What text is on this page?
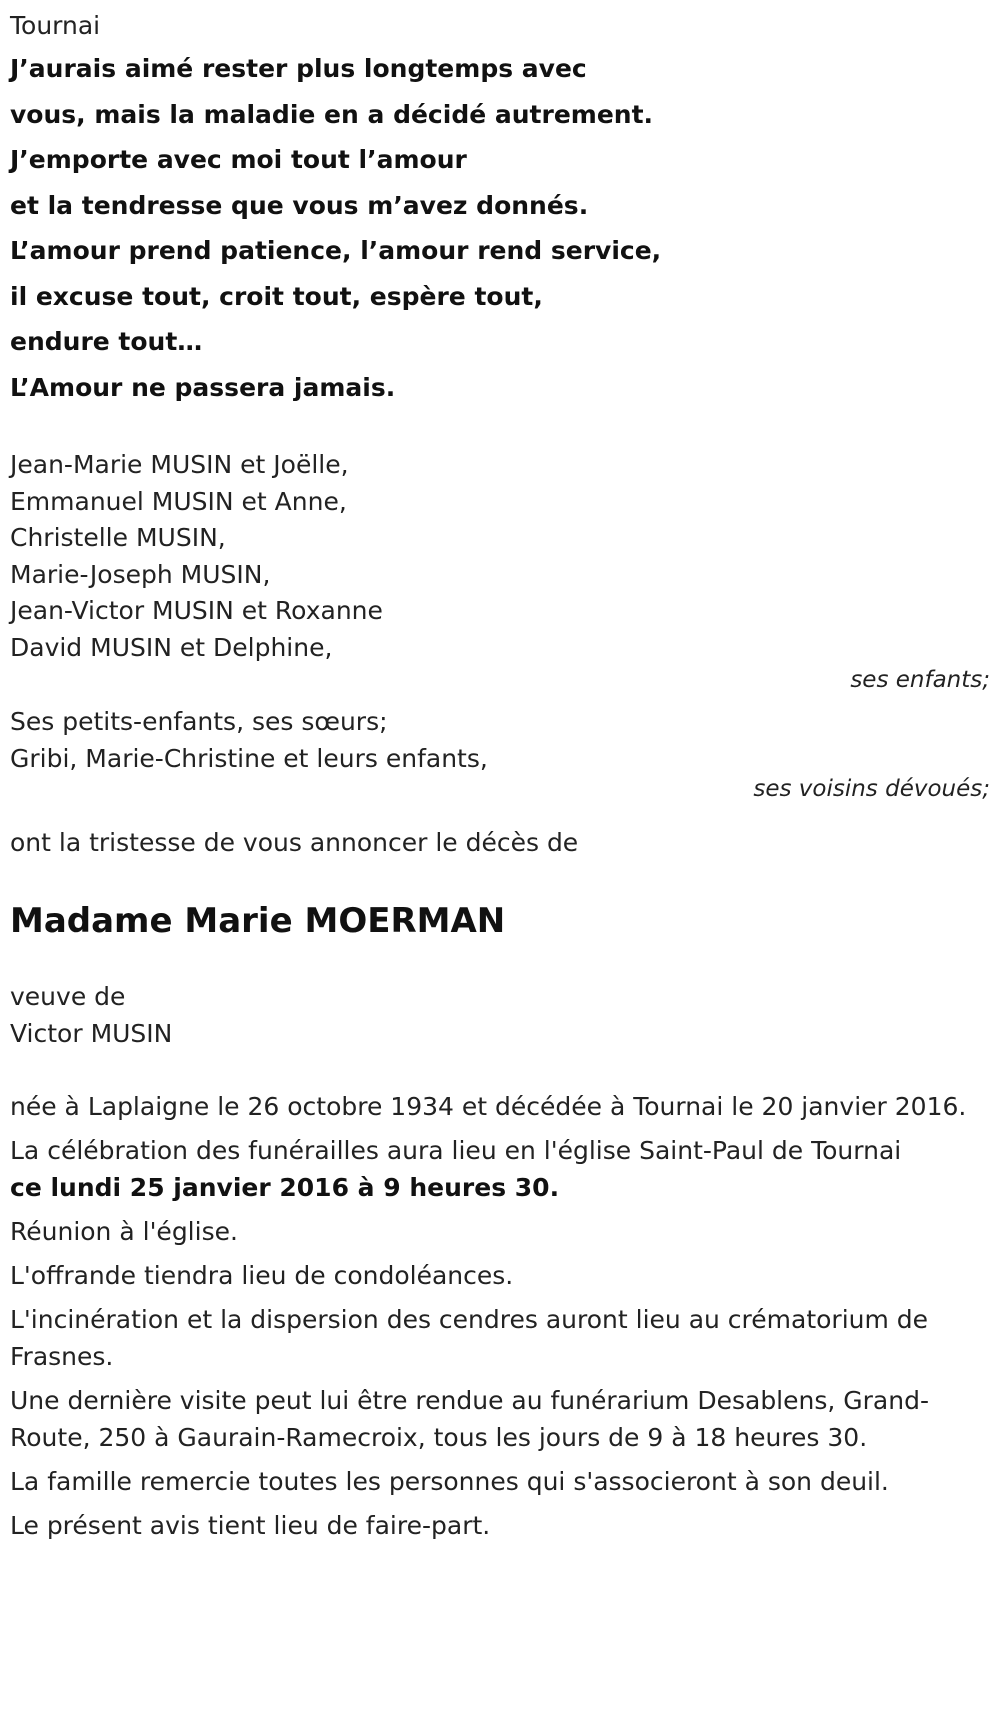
Tournai
J’aurais aimé rester plus longtemps avec
vous, mais la maladie en a décidé autrement.
J’emporte avec moi tout l’amour
et la tendresse que vous m’avez donnés.
L’amour prend patience, l’amour rend service,
il excuse tout, croit tout, espère tout,
endure tout…
L’Amour ne passera jamais.
Jean-Marie MUSIN et Joëlle,
Emmanuel MUSIN et Anne,
Christelle MUSIN,
Marie-Joseph MUSIN,
Jean-Victor MUSIN et Roxanne
David MUSIN et Delphine,
ses enfants;
Ses petits-enfants, ses sœurs;
Gribi, Marie-Christine et leurs enfants,
ses voisins dévoués;
ont la tristesse de vous annoncer le décès de
Madame Marie MOERMAN
veuve de
Victor MUSIN

née à Laplaigne le 26 octobre 1934 et décédée à Tournai le 20 janvier 2016.

La célébration des funérailles aura lieu en l'église Saint-Paul de Tournai
ce lundi 25 janvier 2016 à 9 heures 30.

Réunion à l'église.

L'offrande tiendra lieu de condoléances.

L'incinération et la dispersion des cendres auront lieu au crématorium de Frasnes.

Une dernière visite peut lui être rendue au funérarium Desablens, Grand-Route, 250 à Gaurain-Ramecroix, tous les jours de 9 à 18 heures 30.

La famille remercie toutes les personnes qui s'associeront à son deuil.

Le présent avis tient lieu de faire-part.
